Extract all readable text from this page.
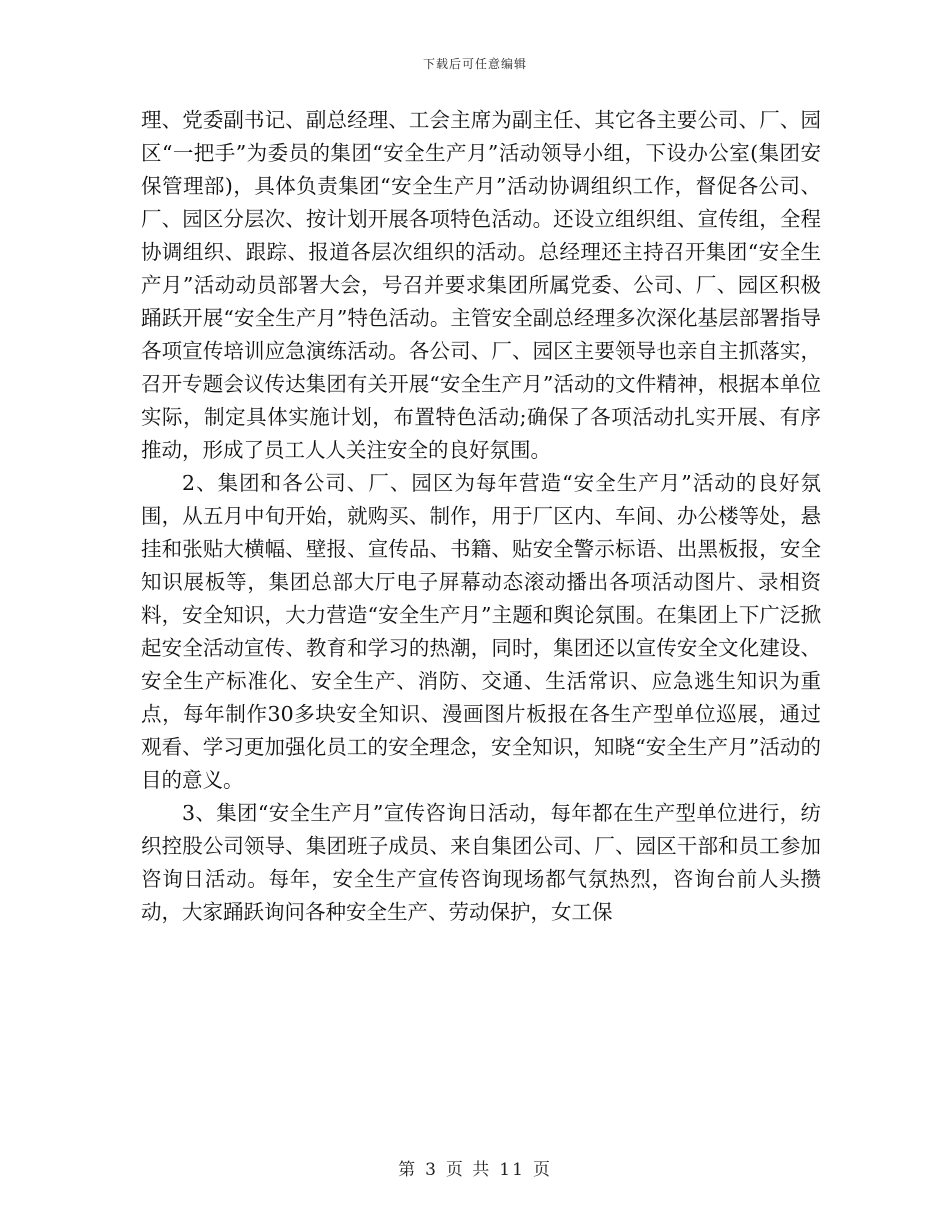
下载后可任意编辑

理、党委副书记、副总经理、工会主席为副主任、其它各主要公司、厂、园区“一把手”为委员的集团“安全生产月”活动领导小组，下设办公室(集团安保管理部)，具体负责集团“安全生产月”活动协调组织工作，督促各公司、厂、园区分层次、按计划开展各项特色活动。还设立组织组、宣传组，全程协调组织、跟踪、报道各层次组织的活动。总经理还主持召开集团“安全生产月”活动动员部署大会，号召并要求集团所属党委、公司、厂、园区积极踊跃开展“安全生产月”特色活动。主管安全副总经理多次深化基层部署指导各项宣传培训应急演练活动。各公司、厂、园区主要领导也亲自主抓落实，召开专题会议传达集团有关开展“安全生产月”活动的文件精神，根据本单位实际，制定具体实施计划，布置特色活动;确保了各项活动扎实开展、有序推动，形成了员工人人关注安全的良好氛围。

2、集团和各公司、厂、园区为每年营造“安全生产月”活动的良好氛围，从五月中旬开始，就购买、制作，用于厂区内、车间、办公楼等处，悬挂和张贴大横幅、壁报、宣传品、书籍、贴安全警示标语、出黑板报，安全知识展板等，集团总部大厅电子屏幕动态滚动播出各项活动图片、录相资料，安全知识，大力营造“安全生产月”主题和舆论氛围。在集团上下广泛掀起安全活动宣传、教育和学习的热潮，同时，集团还以宣传安全文化建设、安全生产标准化、安全生产、消防、交通、生活常识、应急逃生知识为重点，每年制作30多块安全知识、漫画图片板报在各生产型单位巡展，通过观看、学习更加强化员工的安全理念，安全知识，知晓“安全生产月”活动的目的意义。

3、集团“安全生产月”宣传咨询日活动，每年都在生产型单位进行，纺织控股公司领导、集团班子成员、来自集团公司、厂、园区干部和员工参加咨询日活动。每年，安全生产宣传咨询现场都气氛热烈，咨询台前人头攒动，大家踊跃询问各种安全生产、劳动保护，女工保

第 3 页 共 11 页
